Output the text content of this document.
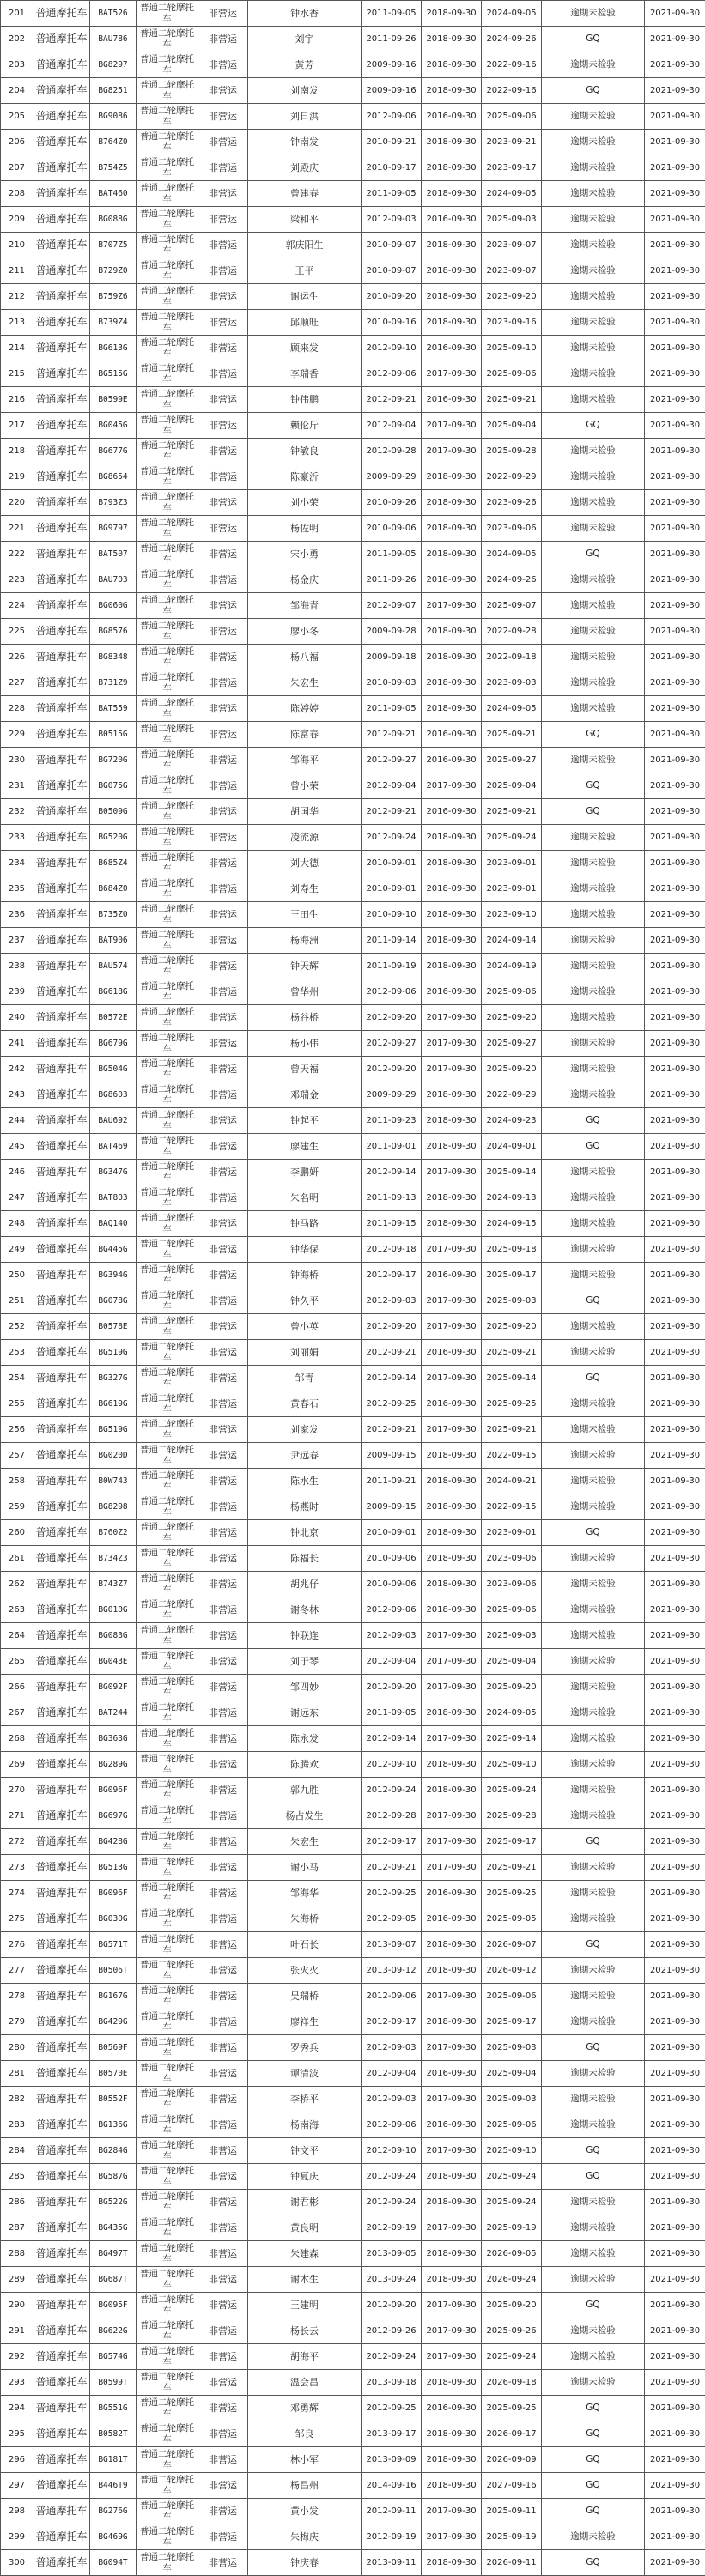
201	普通摩托车	BAT526	普通二轮摩托车	非营运	钟水香	2011-09-05	2018-09-30	2024-09-05	逾期未检验	2021-09-30
202	普通摩托车	BAU786	普通二轮摩托车	非营运	刘宇	2011-09-26	2018-09-30	2024-09-26	GQ	2021-09-30
203	普通摩托车	BG8297	普通二轮摩托车	非营运	黄芳	2009-09-16	2018-09-30	2022-09-16	逾期未检验	2021-09-30
204	普通摩托车	BG8251	普通二轮摩托车	非营运	刘南发	2009-09-16	2018-09-30	2022-09-16	GQ	2021-09-30
205	普通摩托车	BG9086	普通二轮摩托车	非营运	刘日洪	2012-09-06	2016-09-30	2025-09-06	逾期未检验	2021-09-30
206	普通摩托车	B764Z0	普通二轮摩托车	非营运	钟南发	2010-09-21	2018-09-30	2023-09-21	逾期未检验	2021-09-30
207	普通摩托车	B754Z5	普通二轮摩托车	非营运	刘殿庆	2010-09-17	2018-09-30	2023-09-17	逾期未检验	2021-09-30
208	普通摩托车	BAT460	普通二轮摩托车	非营运	曾建春	2011-09-05	2018-09-30	2024-09-05	逾期未检验	2021-09-30
209	普通摩托车	BG088G	普通二轮摩托车	非营运	梁和平	2012-09-03	2016-09-30	2025-09-03	逾期未检验	2021-09-30
210	普通摩托车	B707Z5	普通二轮摩托车	非营运	郭庆阳生	2010-09-07	2018-09-30	2023-09-07	逾期未检验	2021-09-30
211	普通摩托车	B729Z0	普通二轮摩托车	非营运	王平	2010-09-07	2018-09-30	2023-09-07	逾期未检验	2021-09-30
212	普通摩托车	B759Z6	普通二轮摩托车	非营运	谢运生	2010-09-20	2018-09-30	2023-09-20	逾期未检验	2021-09-30
213	普通摩托车	B739Z4	普通二轮摩托车	非营运	邱顺旺	2010-09-16	2018-09-30	2023-09-16	逾期未检验	2021-09-30
214	普通摩托车	BG613G	普通二轮摩托车	非营运	顾来发	2012-09-10	2016-09-30	2025-09-10	逾期未检验	2021-09-30
215	普通摩托车	BG515G	普通二轮摩托车	非营运	李瑞香	2012-09-06	2017-09-30	2025-09-06	逾期未检验	2021-09-30
216	普通摩托车	B0599E	普通二轮摩托车	非营运	钟伟鹏	2012-09-21	2016-09-30	2025-09-21	逾期未检验	2021-09-30
217	普通摩托车	BG045G	普通二轮摩托车	非营运	赖伦斤	2012-09-04	2017-09-30	2025-09-04	GQ	2021-09-30
218	普通摩托车	BG677G	普通二轮摩托车	非营运	钟敏良	2012-09-28	2017-09-30	2025-09-28	逾期未检验	2021-09-30
219	普通摩托车	BG8654	普通二轮摩托车	非营运	陈豪沂	2009-09-29	2018-09-30	2022-09-29	逾期未检验	2021-09-30
220	普通摩托车	B793Z3	普通二轮摩托车	非营运	刘小荣	2010-09-26	2018-09-30	2023-09-26	逾期未检验	2021-09-30
221	普通摩托车	BG9797	普通二轮摩托车	非营运	杨佐明	2010-09-06	2018-09-30	2023-09-06	逾期未检验	2021-09-30
222	普通摩托车	BAT507	普通二轮摩托车	非营运	宋小勇	2011-09-05	2018-09-30	2024-09-05	GQ	2021-09-30
223	普通摩托车	BAU703	普通二轮摩托车	非营运	杨金庆	2011-09-26	2018-09-30	2024-09-26	逾期未检验	2021-09-30
224	普通摩托车	BG060G	普通二轮摩托车	非营运	邹海青	2012-09-07	2017-09-30	2025-09-07	逾期未检验	2021-09-30
225	普通摩托车	BG8576	普通二轮摩托车	非营运	廖小冬	2009-09-28	2018-09-30	2022-09-28	逾期未检验	2021-09-30
226	普通摩托车	BG8348	普通二轮摩托车	非营运	杨八福	2009-09-18	2018-09-30	2022-09-18	逾期未检验	2021-09-30
227	普通摩托车	B731Z9	普通二轮摩托车	非营运	朱宏生	2010-09-03	2018-09-30	2023-09-03	逾期未检验	2021-09-30
228	普通摩托车	BAT559	普通二轮摩托车	非营运	陈婷婷	2011-09-05	2018-09-30	2024-09-05	逾期未检验	2021-09-30
229	普通摩托车	B0515G	普通二轮摩托车	非营运	陈富春	2012-09-21	2016-09-30	2025-09-21	GQ	2021-09-30
230	普通摩托车	BG720G	普通二轮摩托车	非营运	邹海平	2012-09-27	2016-09-30	2025-09-27	逾期未检验	2021-09-30
231	普通摩托车	BG075G	普通二轮摩托车	非营运	曾小荣	2012-09-04	2017-09-30	2025-09-04	GQ	2021-09-30
232	普通摩托车	B0509G	普通二轮摩托车	非营运	胡国华	2012-09-21	2016-09-30	2025-09-21	GQ	2021-09-30
233	普通摩托车	BG520G	普通二轮摩托车	非营运	凌流源	2012-09-24	2018-09-30	2025-09-24	逾期未检验	2021-09-30
234	普通摩托车	B685Z4	普通二轮摩托车	非营运	刘大德	2010-09-01	2018-09-30	2023-09-01	逾期未检验	2021-09-30
235	普通摩托车	B684Z0	普通二轮摩托车	非营运	刘寿生	2010-09-01	2018-09-30	2023-09-01	逾期未检验	2021-09-30
236	普通摩托车	B735Z0	普通二轮摩托车	非营运	王田生	2010-09-10	2018-09-30	2023-09-10	逾期未检验	2021-09-30
237	普通摩托车	BAT906	普通二轮摩托车	非营运	杨海洲	2011-09-14	2018-09-30	2024-09-14	逾期未检验	2021-09-30
238	普通摩托车	BAU574	普通二轮摩托车	非营运	钟天辉	2011-09-19	2018-09-30	2024-09-19	逾期未检验	2021-09-30
239	普通摩托车	BG618G	普通二轮摩托车	非营运	曾华州	2012-09-06	2016-09-30	2025-09-06	逾期未检验	2021-09-30
240	普通摩托车	B0572E	普通二轮摩托车	非营运	杨谷桥	2012-09-20	2017-09-30	2025-09-20	逾期未检验	2021-09-30
241	普通摩托车	BG679G	普通二轮摩托车	非营运	杨小伟	2012-09-27	2017-09-30	2025-09-27	逾期未检验	2021-09-30
242	普通摩托车	BG504G	普通二轮摩托车	非营运	曾天福	2012-09-20	2017-09-30	2025-09-20	逾期未检验	2021-09-30
243	普通摩托车	BG8603	普通二轮摩托车	非营运	邓瑞金	2009-09-29	2018-09-30	2022-09-29	逾期未检验	2021-09-30
244	普通摩托车	BAU692	普通二轮摩托车	非营运	钟起平	2011-09-23	2018-09-30	2024-09-23	GQ	2021-09-30
245	普通摩托车	BAT469	普通二轮摩托车	非营运	廖建生	2011-09-01	2018-09-30	2024-09-01	GQ	2021-09-30
246	普通摩托车	BG347G	普通二轮摩托车	非营运	李鹏妍	2012-09-14	2017-09-30	2025-09-14	逾期未检验	2021-09-30
247	普通摩托车	BAT803	普通二轮摩托车	非营运	朱名明	2011-09-13	2018-09-30	2024-09-13	逾期未检验	2021-09-30
248	普通摩托车	BAQ140	普通二轮摩托车	非营运	钟马路	2011-09-15	2018-09-30	2024-09-15	逾期未检验	2021-09-30
249	普通摩托车	BG445G	普通二轮摩托车	非营运	钟华保	2012-09-18	2017-09-30	2025-09-18	逾期未检验	2021-09-30
250	普通摩托车	BG394G	普通二轮摩托车	非营运	钟海桥	2012-09-17	2016-09-30	2025-09-17	逾期未检验	2021-09-30
251	普通摩托车	BG078G	普通二轮摩托车	非营运	钟久平	2012-09-03	2017-09-30	2025-09-03	GQ	2021-09-30
252	普通摩托车	B0578E	普通二轮摩托车	非营运	曾小英	2012-09-20	2017-09-30	2025-09-20	逾期未检验	2021-09-30
253	普通摩托车	BG519G	普通二轮摩托车	非营运	刘丽娟	2012-09-21	2016-09-30	2025-09-21	逾期未检验	2021-09-30
254	普通摩托车	BG327G	普通二轮摩托车	非营运	邹青	2012-09-14	2017-09-30	2025-09-14	GQ	2021-09-30
255	普通摩托车	BG619G	普通二轮摩托车	非营运	黄春石	2012-09-25	2016-09-30	2025-09-25	逾期未检验	2021-09-30
256	普通摩托车	BG519G	普通二轮摩托车	非营运	刘家发	2012-09-21	2017-09-30	2025-09-21	逾期未检验	2021-09-30
257	普通摩托车	BG020D	普通二轮摩托车	非营运	尹远春	2009-09-15	2018-09-30	2022-09-15	逾期未检验	2021-09-30
258	普通摩托车	B0W743	普通二轮摩托车	非营运	陈水生	2011-09-21	2018-09-30	2024-09-21	逾期未检验	2021-09-30
259	普通摩托车	BG8298	普通二轮摩托车	非营运	杨燕时	2009-09-15	2018-09-30	2022-09-15	逾期未检验	2021-09-30
260	普通摩托车	B760Z2	普通二轮摩托车	非营运	钟北京	2010-09-01	2018-09-30	2023-09-01	GQ	2021-09-30
261	普通摩托车	B734Z3	普通二轮摩托车	非营运	陈福长	2010-09-06	2018-09-30	2023-09-06	逾期未检验	2021-09-30
262	普通摩托车	B743Z7	普通二轮摩托车	非营运	胡兆仔	2010-09-06	2018-09-30	2023-09-06	逾期未检验	2021-09-30
263	普通摩托车	BG010G	普通二轮摩托车	非营运	谢冬林	2012-09-06	2018-09-30	2025-09-06	逾期未检验	2021-09-30
264	普通摩托车	BG083G	普通二轮摩托车	非营运	钟联连	2012-09-03	2017-09-30	2025-09-03	逾期未检验	2021-09-30
265	普通摩托车	BG043E	普通二轮摩托车	非营运	刘于琴	2012-09-04	2017-09-30	2025-09-04	逾期未检验	2021-09-30
266	普通摩托车	BG092F	普通二轮摩托车	非营运	邹四妙	2012-09-20	2017-09-30	2025-09-20	逾期未检验	2021-09-30
267	普通摩托车	BAT244	普通二轮摩托车	非营运	谢远东	2011-09-05	2018-09-30	2024-09-05	逾期未检验	2021-09-30
268	普通摩托车	BG363G	普通二轮摩托车	非营运	陈永发	2012-09-14	2017-09-30	2025-09-14	逾期未检验	2021-09-30
269	普通摩托车	BG289G	普通二轮摩托车	非营运	陈腾欢	2012-09-10	2018-09-30	2025-09-10	逾期未检验	2021-09-30
270	普通摩托车	BG096F	普通二轮摩托车	非营运	郭九胜	2012-09-24	2018-09-30	2025-09-24	逾期未检验	2021-09-30
271	普通摩托车	BG697G	普通二轮摩托车	非营运	杨占发生	2012-09-28	2017-09-30	2025-09-28	逾期未检验	2021-09-30
272	普通摩托车	BG428G	普通二轮摩托车	非营运	朱宏生	2012-09-17	2017-09-30	2025-09-17	GQ	2021-09-30
273	普通摩托车	BG513G	普通二轮摩托车	非营运	谢小马	2012-09-21	2017-09-30	2025-09-21	逾期未检验	2021-09-30
274	普通摩托车	BG096F	普通二轮摩托车	非营运	邹海华	2012-09-25	2016-09-30	2025-09-25	逾期未检验	2021-09-30
275	普通摩托车	BG030G	普通二轮摩托车	非营运	朱海桥	2012-09-05	2016-09-30	2025-09-05	逾期未检验	2021-09-30
276	普通摩托车	BG571T	普通二轮摩托车	非营运	叶石长	2013-09-07	2018-09-30	2026-09-07	GQ	2021-09-30
277	普通摩托车	B0506T	普通二轮摩托车	非营运	张火火	2013-09-12	2018-09-30	2026-09-12	逾期未检验	2021-09-30
278	普通摩托车	BG167G	普通二轮摩托车	非营运	吴瑞桥	2012-09-06	2017-09-30	2025-09-06	逾期未检验	2021-09-30
279	普通摩托车	BG429G	普通二轮摩托车	非营运	廖祥生	2012-09-17	2018-09-30	2025-09-17	逾期未检验	2021-09-30
280	普通摩托车	B0569F	普通二轮摩托车	非营运	罗秀兵	2012-09-03	2017-09-30	2025-09-03	GQ	2021-09-30
281	普通摩托车	B0570E	普通二轮摩托车	非营运	谭清波	2012-09-04	2016-09-30	2025-09-04	逾期未检验	2021-09-30
282	普通摩托车	B0552F	普通二轮摩托车	非营运	李桥平	2012-09-03	2017-09-30	2025-09-03	逾期未检验	2021-09-30
283	普通摩托车	BG136G	普通二轮摩托车	非营运	杨南海	2012-09-06	2016-09-30	2025-09-06	逾期未检验	2021-09-30
284	普通摩托车	BG284G	普通二轮摩托车	非营运	钟文平	2012-09-10	2017-09-30	2025-09-10	GQ	2021-09-30
285	普通摩托车	BG587G	普通二轮摩托车	非营运	钟夏庆	2012-09-24	2018-09-30	2025-09-24	GQ	2021-09-30
286	普通摩托车	BG522G	普通二轮摩托车	非营运	谢君彬	2012-09-24	2018-09-30	2025-09-24	逾期未检验	2021-09-30
287	普通摩托车	BG435G	普通二轮摩托车	非营运	黄良明	2012-09-19	2017-09-30	2025-09-19	逾期未检验	2021-09-30
288	普通摩托车	BG497T	普通二轮摩托车	非营运	朱建森	2013-09-05	2018-09-30	2026-09-05	逾期未检验	2021-09-30
289	普通摩托车	BG687T	普通二轮摩托车	非营运	谢木生	2013-09-24	2018-09-30	2026-09-24	逾期未检验	2021-09-30
290	普通摩托车	BG095F	普通二轮摩托车	非营运	王建明	2012-09-20	2017-09-30	2025-09-20	GQ	2021-09-30
291	普通摩托车	BG622G	普通二轮摩托车	非营运	杨长云	2012-09-26	2017-09-30	2025-09-26	逾期未检验	2021-09-30
292	普通摩托车	BG574G	普通二轮摩托车	非营运	胡海平	2012-09-24	2017-09-30	2025-09-24	逾期未检验	2021-09-30
293	普通摩托车	B0599T	普通二轮摩托车	非营运	温会昌	2013-09-18	2018-09-30	2026-09-18	逾期未检验	2021-09-30
294	普通摩托车	BG551G	普通二轮摩托车	非营运	邓勇辉	2012-09-25	2016-09-30	2025-09-25	GQ	2021-09-30
295	普通摩托车	B0582T	普通二轮摩托车	非营运	邹良	2013-09-17	2018-09-30	2026-09-17	GQ	2021-09-30
296	普通摩托车	BG181T	普通二轮摩托车	非营运	林小军	2013-09-09	2018-09-30	2026-09-09	GQ	2021-09-30
297	普通摩托车	B446T9	普通二轮摩托车	非营运	杨昌州	2014-09-16	2018-09-30	2027-09-16	GQ	2021-09-30
298	普通摩托车	BG276G	普通二轮摩托车	非营运	黄小发	2012-09-11	2017-09-30	2025-09-11	GQ	2021-09-30
299	普通摩托车	BG469G	普通二轮摩托车	非营运	朱梅庆	2012-09-19	2017-09-30	2025-09-19	逾期未检验	2021-09-30
300	普通摩托车	BG094T	普通二轮摩托车	非营运	钟庆春	2013-09-11	2018-09-30	2026-09-11	GQ	2021-09-30
